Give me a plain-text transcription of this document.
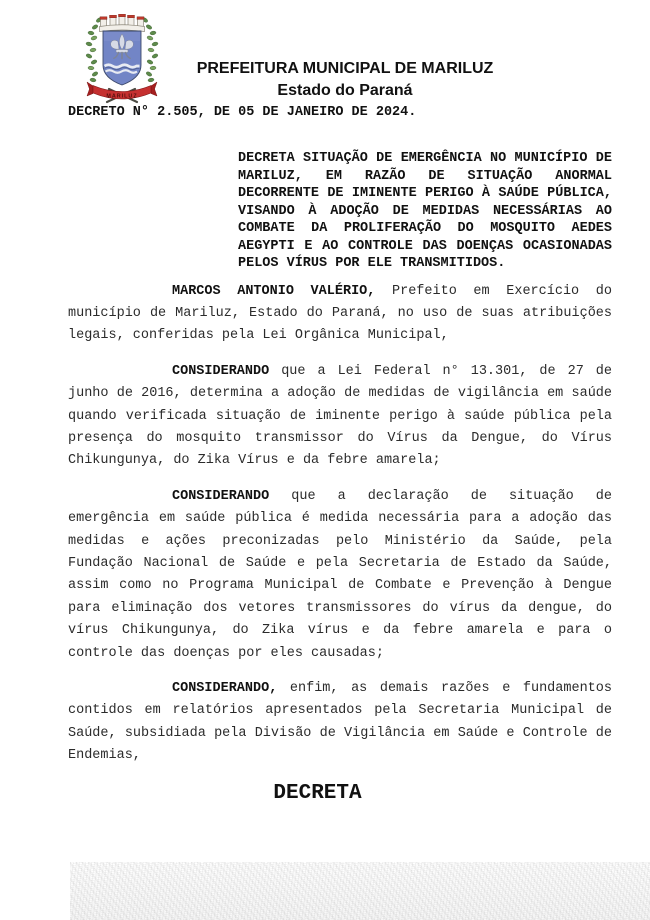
MARILUZ
PREFEITURA MUNICIPAL DE MARILUZ
Estado do Paraná
DECRETO N° 2.505, DE 05 DE JANEIRO DE 2024.
DECRETA SITUAÇÃO DE EMERGÊNCIA NO MUNICÍPIO DE MARILUZ, EM RAZÃO DE SITUAÇÃO ANORMAL DECORRENTE DE IMINENTE PERIGO À SAÚDE PÚBLICA, VISANDO À ADOÇÃO DE MEDIDAS NECESSÁRIAS AO COMBATE DA PROLIFERAÇÃO DO MOSQUITO AEDES AEGYPTI E AO CONTROLE DAS DOENÇAS OCASIONADAS PELOS VÍRUS POR ELE TRANSMITIDOS.

MARCOS ANTONIO VALÉRIO, Prefeito em Exercício do município de Mariluz, Estado do Paraná, no uso de suas atribuições legais, conferidas pela Lei Orgânica Municipal,

CONSIDERANDO que a Lei Federal n° 13.301, de 27 de junho de 2016, determina a adoção de medidas de vigilância em saúde quando verificada situação de iminente perigo à saúde pública pela presença do mosquito transmissor do Vírus da Dengue, do Vírus Chikungunya, do Zika Vírus e da febre amarela;

CONSIDERANDO que a declaração de situação de emergência em saúde pública é medida necessária para a adoção das medidas e ações preconizadas pelo Ministério da Saúde, pela Fundação Nacional de Saúde e pela Secretaria de Estado da Saúde, assim como no Programa Municipal de Combate e Prevenção à Dengue para eliminação dos vetores transmissores do vírus da dengue, do vírus Chikungunya, do Zika vírus e da febre amarela e para o controle das doenças por eles causadas;

CONSIDERANDO, enfim, as demais razões e fundamentos contidos em relatórios apresentados pela Secretaria Municipal de Saúde, subsidiada pela Divisão de Vigilância em Saúde e Controle de Endemias,

DECRETA
